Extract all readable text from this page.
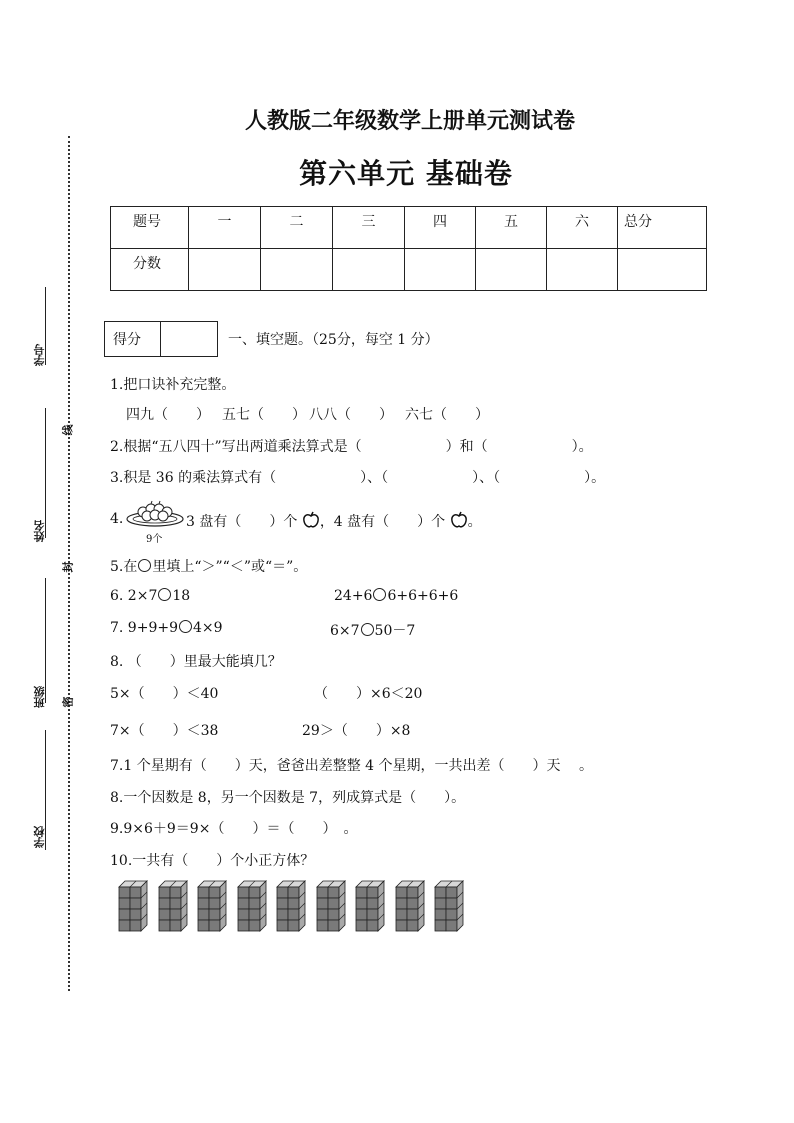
学号
姓名
班级
学校
线
封
密
人教版二年级数学上册单元测试卷
第六单元 基础卷
题号	一	二	三	四	五	六	总分
分数							
得分	一、填空题。（25分，每空 1 分）
1.把口诀补充完整。
四九（　　） 五七（　　） 八八（　　） 六七（　　）
2.根据“五八四十”写出两道乘法算式是（　　　　　　）和（　　　　　　）。
3.积是 36 的乘法算式有（　　　　　　）、（　　　　　　）、（　　　　　　）。
4.
9个
3 盘有（　　）个 ，4 盘有（　　）个 。
5.在 里填上“＞”“＜”或“＝”。
6. 2×7 18	24+6 6+6+6+6
7. 9+9+9 4×9	6×7 50－7
8. （　　）里最大能填几？
5×（　　）＜40	（　　）×6＜20
7×（　　）＜38	29＞（　　）×8
7.1 个星期有（　　）天，爸爸出差整整 4 个星期，一共出差（　　）天　 。
8.一个因数是 8，另一个因数是 7，列成算式是（　　）。
9.9×6＋9＝9×（　　）＝（　　）　。
10.一共有（　　）个小正方体？
